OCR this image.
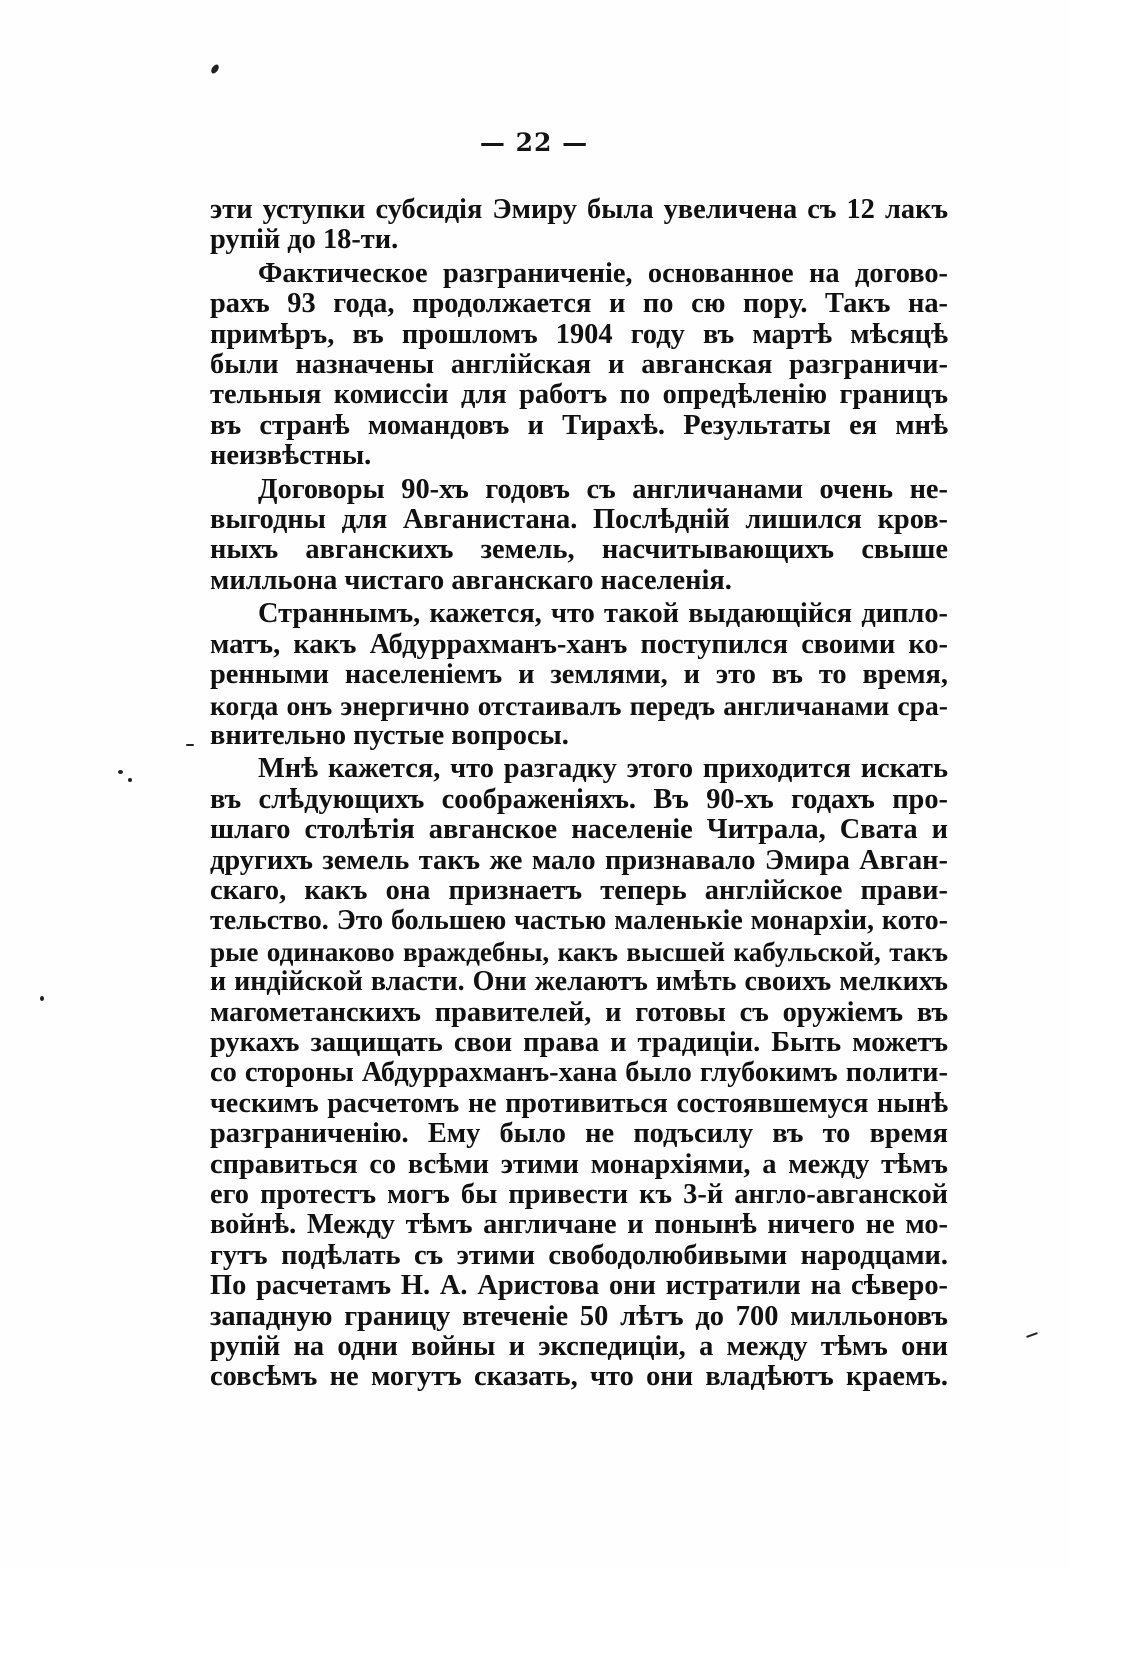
— 22 —
эти уступки субсидія Эмиру была увеличена съ 12 лакъ
рупій до 18-ти.
Фактическое разграниченіе, основанное на догово-
рахъ 93 года, продолжается и по сю пору. Такъ на-
примѣръ, въ прошломъ 1904 году въ мартѣ мѣсяцѣ
были назначены англійская и авганская разграничи-
тельныя комиссіи для работъ по опредѣленію границъ
въ странѣ момандовъ и Тирахѣ. Результаты ея мнѣ
неизвѣстны.
Договоры 90-хъ годовъ съ англичанами очень не-
выгодны для Авганистана. Послѣдній лишился кров-
ныхъ авганскихъ земель, насчитывающихъ свыше
милльона чистаго авганскаго населенія.
Страннымъ, кажется, что такой выдающійся дипло-
матъ, какъ Абдуррахманъ-ханъ поступился своими ко-
ренными населеніемъ и землями, и это въ то время,
когда онъ энергично отстаивалъ передъ англичанами сра-
внительно пустые вопросы.
Мнѣ кажется, что разгадку этого приходится искать
въ слѣдующихъ соображеніяхъ. Въ 90-хъ годахъ про-
шлаго столѣтія авганское населеніе Читрала, Свата и
другихъ земель такъ же мало признавало Эмира Авган-
скаго, какъ она признаетъ теперь англійское прави-
тельство. Это большею частью маленькіе монархіи, кото-
рые одинаково враждебны, какъ высшей кабульской, такъ
и индійской власти. Они желаютъ имѣть своихъ мелкихъ
магометанскихъ правителей, и готовы съ оружіемъ въ
рукахъ защищать свои права и традиціи. Быть можетъ
со стороны Абдуррахманъ-хана было глубокимъ полити-
ческимъ расчетомъ не противиться состоявшемуся нынѣ
разграниченію. Ему было не подъсилу въ то время
справиться со всѣми этими монархіями, а между тѣмъ
его протестъ могъ бы привести къ 3-й англо-авганской
войнѣ. Между тѣмъ англичане и понынѣ ничего не мо-
гутъ подѣлать съ этими свободолюбивыми народцами.
По расчетамъ Н. А. Аристова они истратили на сѣверо-
западную границу втеченіе 50 лѣтъ до 700 милльоновъ
рупій на одни войны и экспедиціи, а между тѣмъ они
совсѣмъ не могутъ сказать, что они владѣютъ краемъ.
